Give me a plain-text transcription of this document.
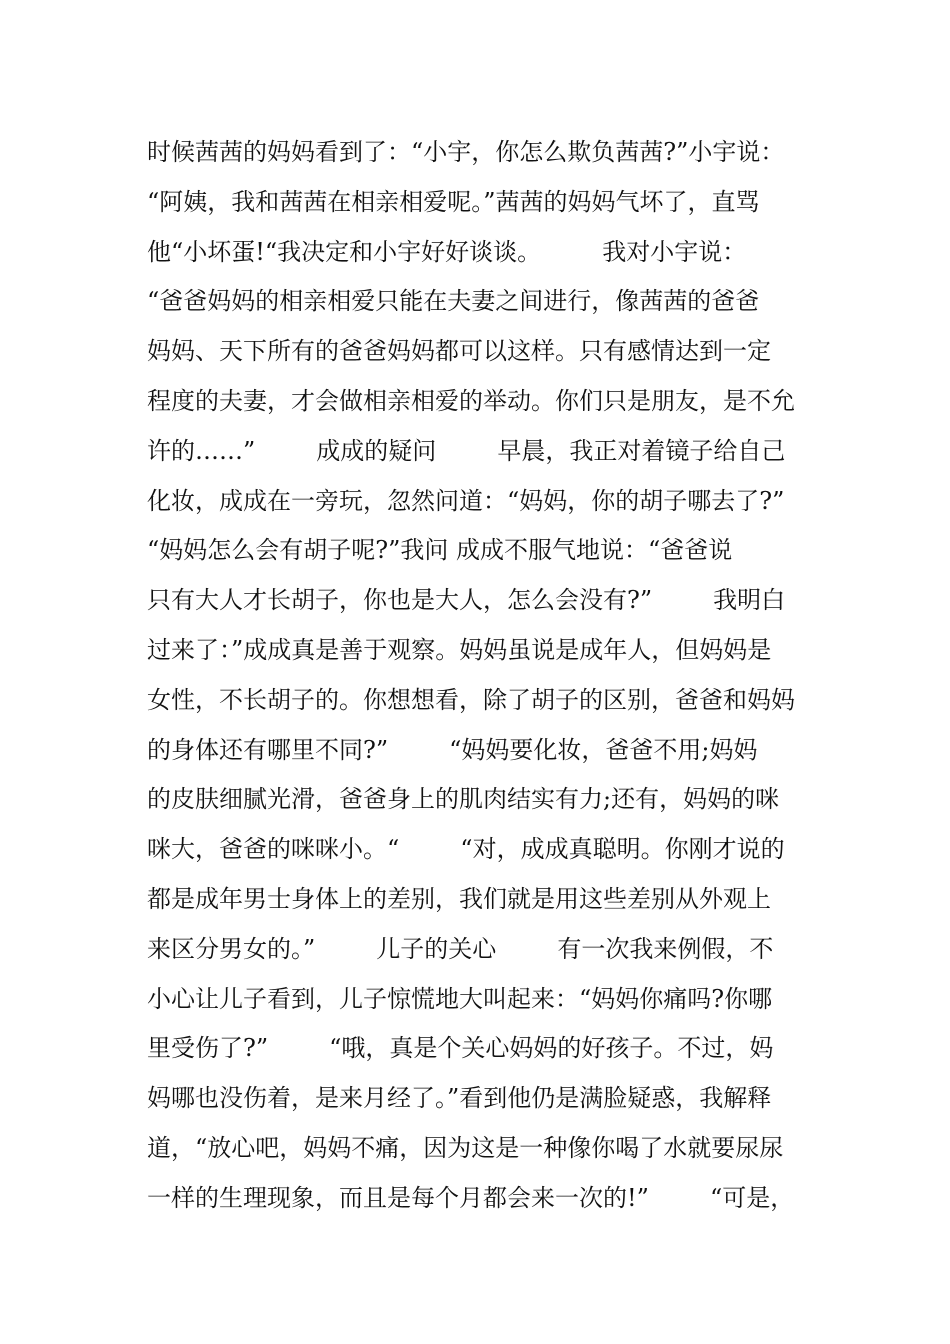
时候茜茜的妈妈看到了：“小宇，你怎么欺负茜茜?”小宇说：
“阿姨，我和茜茜在相亲相爱呢。”茜茜的妈妈气坏了，直骂
他“小坏蛋!“我决定和小宇好好谈谈。        我对小宇说：
“爸爸妈妈的相亲相爱只能在夫妻之间进行，像茜茜的爸爸
妈妈、天下所有的爸爸妈妈都可以这样。只有感情达到一定
程度的夫妻，才会做相亲相爱的举动。你们只是朋友，是不允
许的……”        成成的疑问        早晨，我正对着镜子给自己
化妆，成成在一旁玩，忽然问道：“妈妈，你的胡子哪去了?”
“妈妈怎么会有胡子呢?”我问 成成不服气地说：“爸爸说
只有大人才长胡子，你也是大人，怎么会没有?”        我明白
过来了：”成成真是善于观察。妈妈虽说是成年人，但妈妈是
女性，不长胡子的。你想想看，除了胡子的区别，爸爸和妈妈
的身体还有哪里不同?”        “妈妈要化妆，爸爸不用;妈妈
的皮肤细腻光滑，爸爸身上的肌肉结实有力;还有，妈妈的咪
咪大，爸爸的咪咪小。“        “对，成成真聪明。你刚才说的
都是成年男士身体上的差别，我们就是用这些差别从外观上
来区分男女的。”        儿子的关心        有一次我来例假，不
小心让儿子看到，儿子惊慌地大叫起来：“妈妈你痛吗?你哪
里受伤了?”        “哦，真是个关心妈妈的好孩子。不过，妈
妈哪也没伤着，是来月经了。”看到他仍是满脸疑惑，我解释
道，“放心吧，妈妈不痛，因为这是一种像你喝了水就要尿尿
一样的生理现象，而且是每个月都会来一次的!”        “可是，
